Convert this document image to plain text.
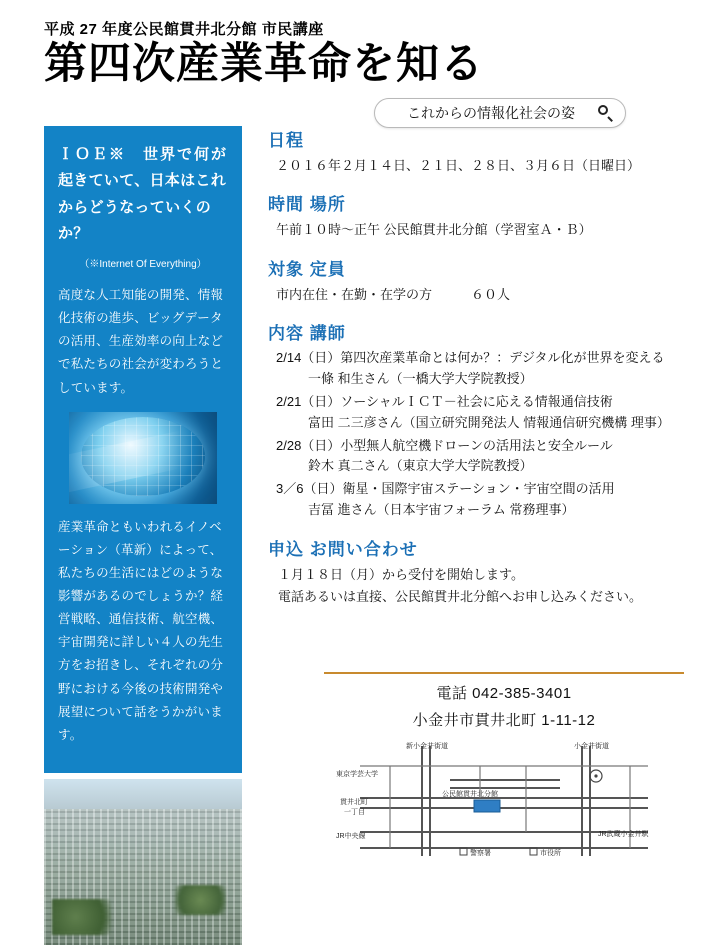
平成 27 年度公民館貫井北分館 市民講座

第四次産業革命を知る
これからの情報化社会の姿

ＩＯＥ※　世界で何が
起きていて、日本はこれ
からどうなっていくのか？

（※Internet Of Everything）

高度な人工知能の開発、情報化技術の進歩、ビッグデータの活用、生産効率の向上などで私たちの社会が変わろうとしています。

産業革命ともいわれるイノベーション（革新）によって、私たちの生活にはどのような影響があるのでしょうか？経営戦略、通信技術、航空機、宇宙開発に詳しい４人の先生方をお招きし、それぞれの分野における今後の技術開発や展望について話をうかがいます。

日程

２０１６年２月１４日、２１日、２８日、３月６日（日曜日）

時間 場所

午前１０時～正午 公民館貫井北分館（学習室Ａ・Ｂ）

対象 定員

市内在住・在勤・在学の方　　　６０人

内容 講師
2/14（日）第四次産業革命とは何か？：デジタル化が世界を変える
一條 和生さん（一橋大学大学院教授）
2/21（日）ソーシャルＩＣＴ－社会に応える情報通信技術
富田 二三彦さん（国立研究開発法人 情報通信研究機構 理事）
2/28（日）小型無人航空機ドローンの活用法と安全ルール
鈴木 真二さん（東京大学大学院教授）
3／6（日）衛星・国際宇宙ステーション・宇宙空間の活用
吉冨 進さん（日本宇宙フォーラム 常務理事）
申込 お問い合わせ
１月１８日（月）から受付を開始します。
電話あるいは直接、公民館貫井北分館へお申し込みください。

電話 042-385-3401

小金井市貫井北町 1-11-12

新小金井街道	小金井街道
東京学芸大学
貫井北町
一丁目
公民館貫井北分館
JR中央線
警察署	市役所
JR武蔵小金井駅
